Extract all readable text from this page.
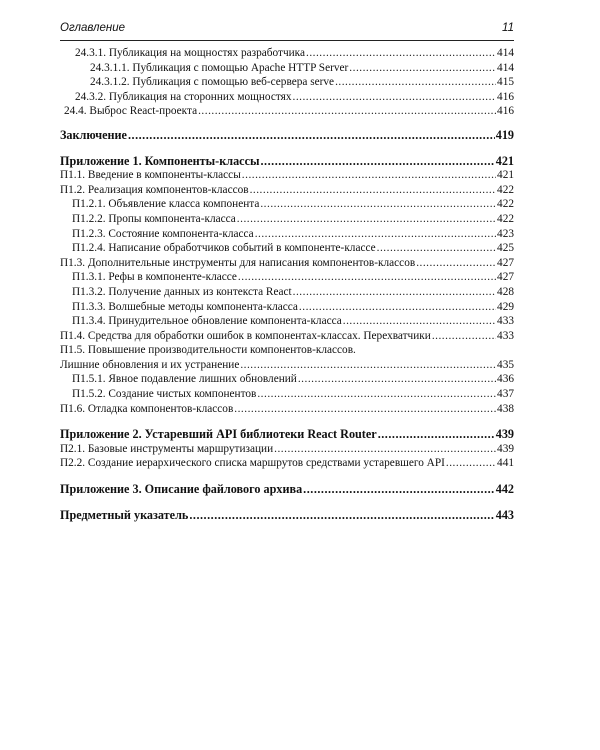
Оглавление	11
24.3.1. Публикация на мощностях разработчика .....	414
24.3.1.1. Публикация с помощью Apache HTTP Server .....	414
24.3.1.2. Публикация с помощью веб-сервера serve .....	415
24.3.2. Публикация на сторонних мощностях .....	416
24.4. Выброс React-проекта .....	416
Заключение .....	419
Приложение 1. Компоненты-классы .....	421
П1.1. Введение в компоненты-классы .....	421
П1.2. Реализация компонентов-классов .....	422
П1.2.1. Объявление класса компонента .....	422
П1.2.2. Пропы компонента-класса .....	422
П1.2.3. Состояние компонента-класса .....	423
П1.2.4. Написание обработчиков событий в компоненте-классе .....	425
П1.3. Дополнительные инструменты для написания компонентов-классов .....	427
П1.3.1. Рефы в компоненте-классе .....	427
П1.3.2. Получение данных из контекста React .....	428
П1.3.3. Волшебные методы компонента-класса .....	429
П1.3.4. Принудительное обновление компонента-класса .....	433
П1.4. Средства для обработки ошибок в компонентах-классах. Перехватчики .....	433
П1.5. Повышение производительности компонентов-классов.
Лишние обновления и их устранение .....	435
П1.5.1. Явное подавление лишних обновлений .....	436
П1.5.2. Создание чистых компонентов .....	437
П1.6. Отладка компонентов-классов .....	438
Приложение 2. Устаревший API библиотеки React Router .....	439
П2.1. Базовые инструменты маршрутизации .....	439
П2.2. Создание иерархического списка маршрутов средствами устаревшего API .....	441
Приложение 3. Описание файлового архива .....	442
Предметный указатель .....	443
